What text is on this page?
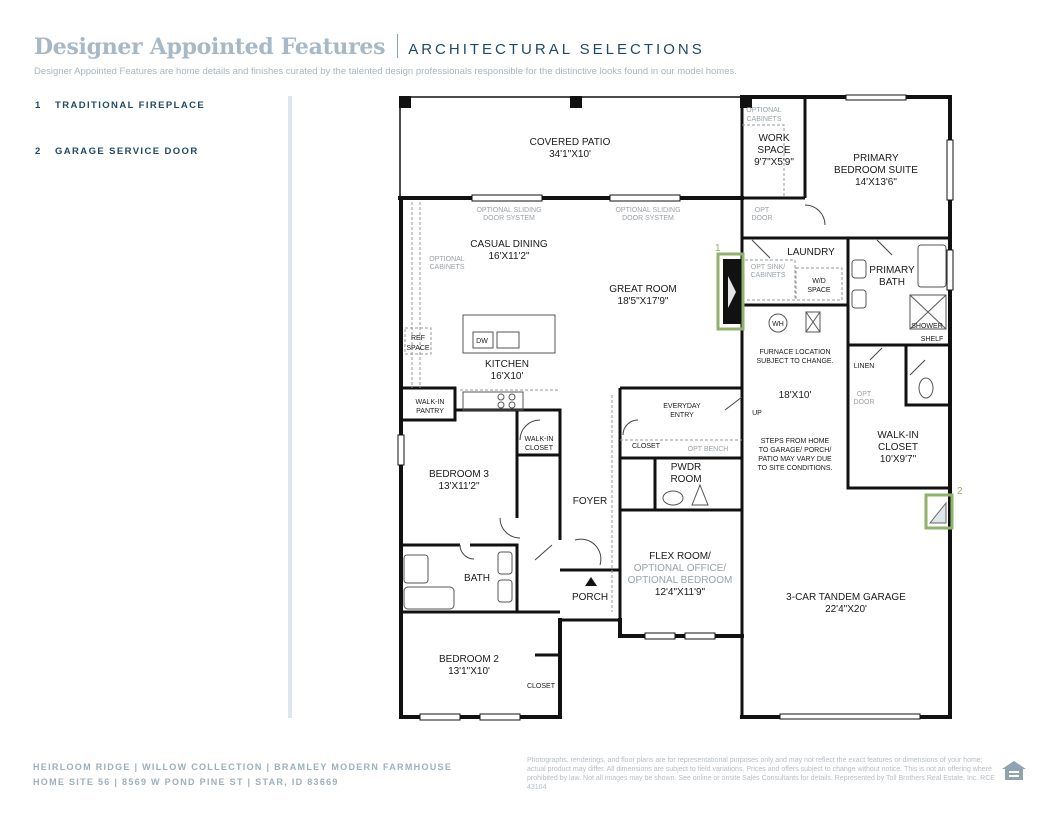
Designer Appointed Features ARCHITECTURAL SELECTIONS
Designer Appointed Features are home details and finishes curated by the talented design professionals responsible for the distinctive looks found in our model homes.
1 TRADITIONAL FIREPLACE
2 GARAGE SERVICE DOOR
1
2
COVERED PATIO
34'1"X10'
OPTIONAL
CABINETS
WORK
SPACE
9'7"X5'9"	PRIMARY
BEDROOM SUITE
14'X13'6"
OPTIONAL SLIDING
DOOR SYSTEM
OPTIONAL SLIDING
DOOR SYSTEM
OPT
DOOR
CASUAL DINING
16'X11'2"
OPTIONAL
CABINETS
GREAT ROOM
18'5"X17'9"
LAUNDRY
OPT SINK/
CABINETS
W/D
SPACE
PRIMARY
BATH
SHOWER
SHELF
WH
FURNACE LOCATION
SUBJECT TO CHANGE.
LINEN
OPT
DOOR
REF
SPACE
DW
KITCHEN
16'X10'
18'X10'
UP
WALK-IN
PANTRY
EVERYDAY
ENTRY
CLOSET	OPT BENCH
STEPS FROM HOME
TO GARAGE/ PORCH/
PATIO MAY VARY DUE
TO SITE CONDITIONS.
WALK-IN
CLOSET
10'X9'7"
WALK-IN
CLOSET
BEDROOM 3
13'X11'2"
PWDR
ROOM
FOYER
BATH
FLEX ROOM/
OPTIONAL OFFICE/
OPTIONAL BEDROOM
12'4"X11'9"
PORCH	3-CAR TANDEM GARAGE
22'4"X20'
BEDROOM 2
13'1"X10'
CLOSET
HEIRLOOM RIDGE | WILLOW COLLECTION | BRAMLEY MODERN FARMHOUSE
HOME SITE 56 | 8569 W POND PINE ST | STAR, ID 83669
Photographs, renderings, and floor plans are for representational purposes only and may not reflect the exact features or dimensions of your home; actual product may differ. All dimensions are subject to field variations. Prices and offers subject to change without notice. This is not an offering where prohibited by law. Not all images may be shown. See online or onsite Sales Consultants for details. Represented by Toll Brothers Real Estate, Inc. RCE 43104
